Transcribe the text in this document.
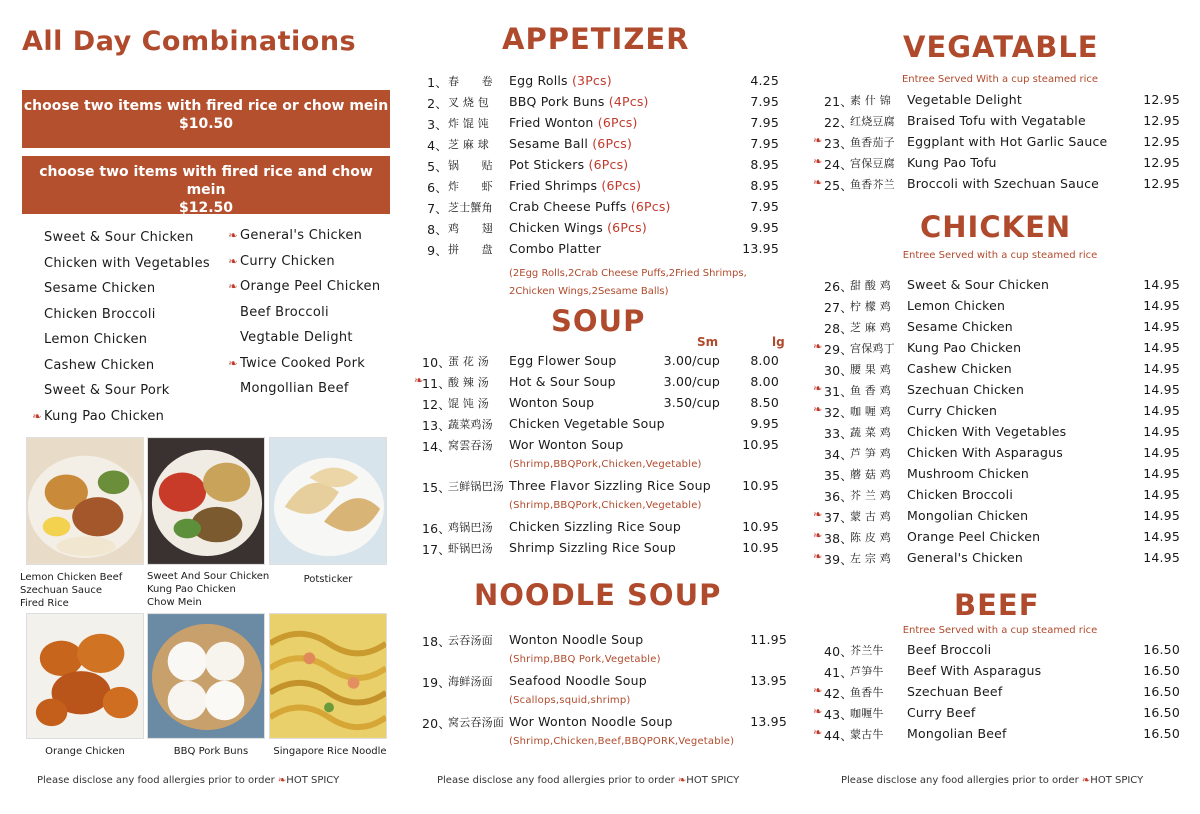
All Day Combinations
choose two items with fired rice or chow mein
$10.50
choose two items with fired rice and chow mein
$12.50
Sweet & Sour Chicken
Chicken with Vegetables
Sesame Chicken
Chicken Broccoli
Lemon Chicken
Cashew Chicken
Sweet & Sour Pork
❧ Kung Pao Chicken
❧ General's Chicken
❧ Curry Chicken
❧ Orange Peel Chicken
Beef Broccoli
Vegtable Delight
❧ Twice Cooked Pork
Mongollian Beef
Lemon Chicken Beef
Szechuan Sauce
Fired Rice
Sweet And Sour Chicken
Kung Pao Chicken
Chow Mein
Potsticker
Orange Chicken	BBQ Pork Buns	Singapore Rice Noodle
Please disclose any food allergies prior to order ❧HOT SPICY
APPETIZER
1、 春　　卷 Egg Rolls (3Pcs)	4.25
2、 叉 烧 包 BBQ Pork Buns (4Pcs)	7.95
3、 炸 馄 饨 Fried Wonton (6Pcs)	7.95
4、 芝 麻 球 Sesame Ball (6Pcs)	7.95
5、 锅　　贴 Pot Stickers (6Pcs)	8.95
6、 炸　　虾 Fried Shrimps (6Pcs)	8.95
7、 芝士蟹角 Crab Cheese Puffs (6Pcs)	7.95
8、 鸡　　翅 Chicken Wings (6Pcs)	9.95
9、 拼　　盘 Combo Platter	13.95
(2Egg Rolls,2Crab Cheese Puffs,2Fried Shrimps,
2Chicken Wings,2Sesame Balls)
SOUP
Sm	lg
10、
蛋 花 汤 Egg Flower Soup	3.00/cup	8.00
❧
11、
酸 辣 汤 Hot & Sour Soup	3.00/cup	8.00
12、
馄 饨 汤 Wonton Soup	3.50/cup	8.50
13、
蔬菜鸡汤 Chicken Vegetable Soup	9.95
14、
窝雲吞汤 Wor Wonton Soup	10.95
(Shrimp,BBQPork,Chicken,Vegetable)
15、
三鲜锅巴汤 Three Flavor Sizzling Rice Soup	10.95
(Shrimp,BBQPork,Chicken,Vegetable)
16、
鸡锅巴汤 Chicken Sizzling Rice Soup	10.95
17、
虾锅巴汤 Shrimp Sizzling Rice Soup	10.95
NOODLE SOUP
18、
云吞汤面 Wonton Noodle Soup	11.95
(Shrimp,BBQ Pork,Vegetable)
19、
海鲜汤面 Seafood Noodle Soup	13.95
(Scallops,squid,shrimp)
20、
窝云吞汤面 Wor Wonton Noodle Soup	13.95
(Shrimp,Chicken,Beef,BBQPORK,Vegetable)
Please disclose any food allergies prior to order ❧HOT SPICY
VEGATABLE
Entree Served With a cup steamed rice
21、
素 什 锦 Vegetable Delight	12.95
22、
红烧豆腐 Braised Tofu with Vegatable	12.95
❧ 23、
鱼香茄子 Eggplant with Hot Garlic Sauce	12.95
❧ 24、
宫保豆腐 Kung Pao Tofu	12.95
❧ 25、
鱼香芥兰 Broccoli with Szechuan Sauce	12.95
CHICKEN
Entree Served with a cup steamed rice
26、
甜 酸 鸡 Sweet & Sour Chicken	14.95
27、
柠 檬 鸡 Lemon Chicken	14.95
28、
芝 麻 鸡 Sesame Chicken	14.95
❧ 29、
宫保鸡丁 Kung Pao Chicken	14.95
30、
腰 果 鸡 Cashew Chicken	14.95
❧ 31、
鱼 香 鸡 Szechuan Chicken	14.95
❧ 32、
咖 喱 鸡 Curry Chicken	14.95
33、
蔬 菜 鸡 Chicken With Vegetables	14.95
34、
芦 笋 鸡 Chicken With Asparagus	14.95
35、
蘑 菇 鸡 Mushroom Chicken	14.95
36、
芥 兰 鸡 Chicken Broccoli	14.95
❧ 37、
蒙 古 鸡 Mongolian Chicken	14.95
❧ 38、
陈 皮 鸡 Orange Peel Chicken	14.95
❧ 39、
左 宗 鸡 General's Chicken	14.95
BEEF
Entree Served with a cup steamed rice
40、
芥兰牛 Beef Broccoli	16.50
41、
芦笋牛 Beef With Asparagus	16.50
❧ 42、
鱼香牛 Szechuan Beef	16.50
❧ 43、
咖喱牛 Curry Beef	16.50
❧ 44、
蒙古牛 Mongolian Beef	16.50
Please disclose any food allergies prior to order ❧HOT SPICY
